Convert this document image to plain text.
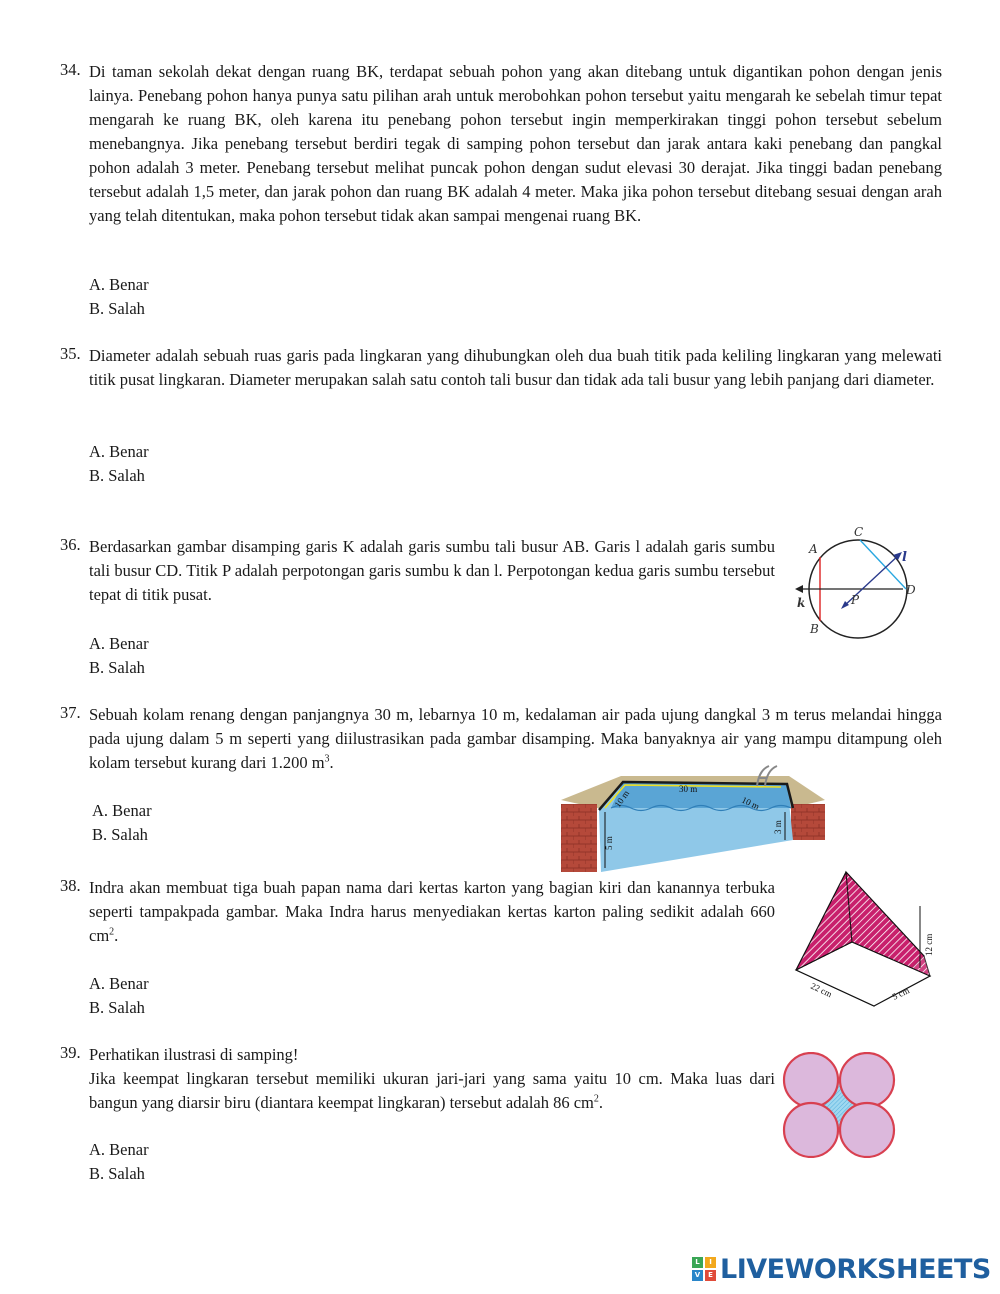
34. Di taman sekolah dekat dengan ruang BK, terdapat sebuah pohon yang akan ditebang untuk digantikan pohon dengan jenis lainya. Penebang pohon hanya punya satu pilihan arah untuk merobohkan pohon tersebut yaitu mengarah ke sebelah timur tepat mengarah ke ruang BK, oleh karena itu penebang pohon tersebut ingin memperkirakan tinggi pohon tersebut sebelum menebangnya. Jika penebang tersebut berdiri tegak di samping pohon tersebut dan jarak antara kaki penebang dan pangkal pohon adalah 3 meter. Penebang tersebut melihat puncak pohon dengan sudut elevasi 30 derajat. Jika tinggi badan penebang tersebut adalah 1,5 meter, dan jarak pohon dan ruang BK adalah 4 meter. Maka jika pohon tersebut ditebang sesuai dengan arah yang telah ditentukan, maka pohon tersebut tidak akan sampai mengenai ruang BK.
A. Benar
B. Salah
35. Diameter adalah sebuah ruas garis pada lingkaran yang dihubungkan oleh dua buah titik pada keliling lingkaran yang melewati titik pusat lingkaran. Diameter merupakan salah satu contoh tali busur dan tidak ada tali busur yang lebih panjang dari diameter.
A. Benar
B. Salah
36. Berdasarkan gambar disamping garis K adalah garis sumbu tali busur AB. Garis l adalah garis sumbu tali busur CD. Titik P adalah perpotongan garis sumbu k dan l. Perpotongan kedua garis sumbu tersebut tepat di titik pusat.
A. Benar
B. Salah
A
B
C
D
P
k
l
37. Sebuah kolam renang dengan panjangnya 30 m, lebarnya 10 m, kedalaman air pada ujung dangkal 3 m terus melandai hingga pada ujung dalam 5 m seperti yang diilustrasikan pada gambar disamping. Maka banyaknya air yang mampu ditampung oleh kolam tersebut kurang dari 1.200 $m^3$.
A. Benar
B. Salah
30 m
10 m	10 m
5 m
3 m
38. Indra akan membuat tiga buah papan nama dari kertas karton yang bagian kiri dan kanannya terbuka seperti tampakpada gambar. Maka Indra harus menyediakan kertas karton paling sedikit adalah 660 $cm^2$.
A. Benar
B. Salah
12 cm
22 cm	5 cm
39. Perhatikan ilustrasi di samping!
Jika keempat lingkaran tersebut memiliki ukuran jari-jari yang sama yaitu 10 cm. Maka luas dari bangun yang diarsir biru (diantara keempat lingkaran) tersebut adalah 86 $cm^2$.
A. Benar
B. Salah
L	I
V	E LIVEWORKSHEETS
